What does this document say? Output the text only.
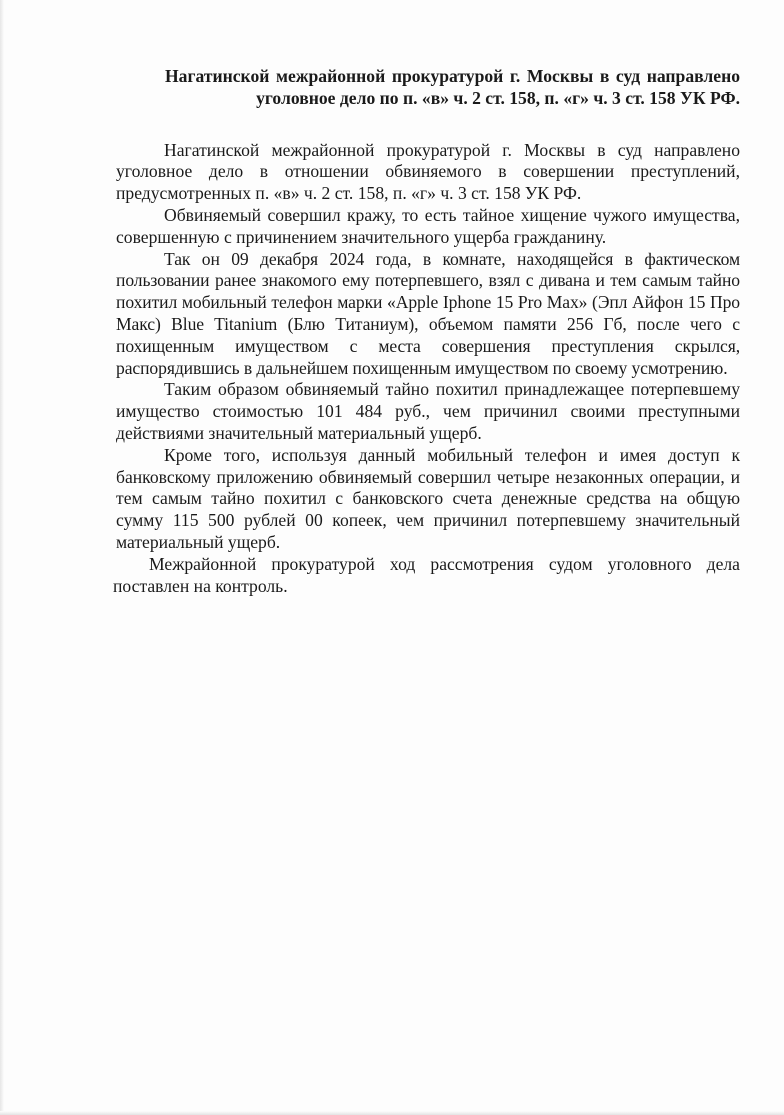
Нагатинской межрайонной прокуратурой г. Москвы в суд направлено уголовное дело по п. «в» ч. 2 ст. 158, п. «г» ч. 3 ст. 158 УК РФ.

Нагатинской межрайонной прокуратурой г. Москвы в суд направлено уголовное дело в отношении обвиняемого в совершении преступлений, предусмотренных п. «в» ч. 2 ст. 158, п. «г» ч. 3 ст. 158 УК РФ.

Обвиняемый совершил кражу, то есть тайное хищение чужого имущества, совершенную с причинением значительного ущерба гражданину.

Так он 09 декабря 2024 года, в комнате, находящейся в фактическом пользовании ранее знакомого ему потерпевшего, взял с дивана и тем самым тайно похитил мобильный телефон марки «Apple Iphone 15 Pro Max» (Эпл Айфон 15 Про Макс) Blue Titanium (Блю Титаниум), объемом памяти 256 Гб, после чего с похищенным имуществом с места совершения преступления скрылся, распорядившись в дальнейшем похищенным имуществом по своему усмотрению.

Таким образом обвиняемый тайно похитил принадлежащее потерпевшему имущество стоимостью 101 484 руб., чем причинил своими преступными действиями значительный материальный ущерб.

Кроме того, используя данный мобильный телефон и имея доступ к банковскому приложению обвиняемый совершил четыре незаконных операции, и тем самым тайно похитил с банковского счета денежные средства на общую сумму 115 500 рублей 00 копеек, чем причинил потерпевшему значительный материальный ущерб.

Межрайонной прокуратурой ход рассмотрения судом уголовного дела поставлен на контроль.
